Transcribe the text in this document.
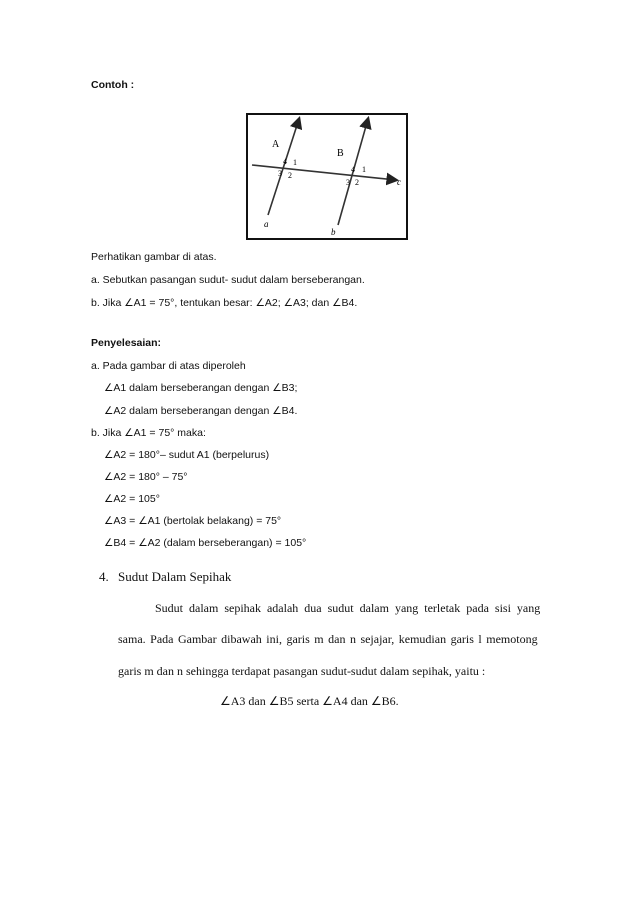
Contoh :
A
B
a
b
c
4 1
3 2
4 1
3 2
Perhatikan gambar di atas.
a. Sebutkan pasangan sudut- sudut dalam berseberangan.
b. Jika ∠A1 = 75°, tentukan besar: ∠A2; ∠A3; dan ∠B4.
Penyelesaian:
a. Pada gambar di atas diperoleh
∠A1 dalam berseberangan dengan ∠B3;
∠A2 dalam berseberangan dengan ∠B4.
b. Jika ∠A1 = 75° maka:
∠A2 = 180°– sudut A1 (berpelurus)
∠A2 = 180° – 75°
∠A2 = 105°
∠A3 = ∠A1 (bertolak belakang) = 75°
∠B4 = ∠A2 (dalam berseberangan) = 105°
4. Sudut Dalam Sepihak
Sudut dalam sepihak adalah dua sudut dalam yang terletak pada sisi yang
sama. Pada Gambar dibawah ini, garis m dan n sejajar, kemudian garis l memotong
garis m dan n sehingga terdapat pasangan sudut-sudut dalam sepihak, yaitu :
∠A3 dan ∠B5 serta ∠A4 dan ∠B6.
